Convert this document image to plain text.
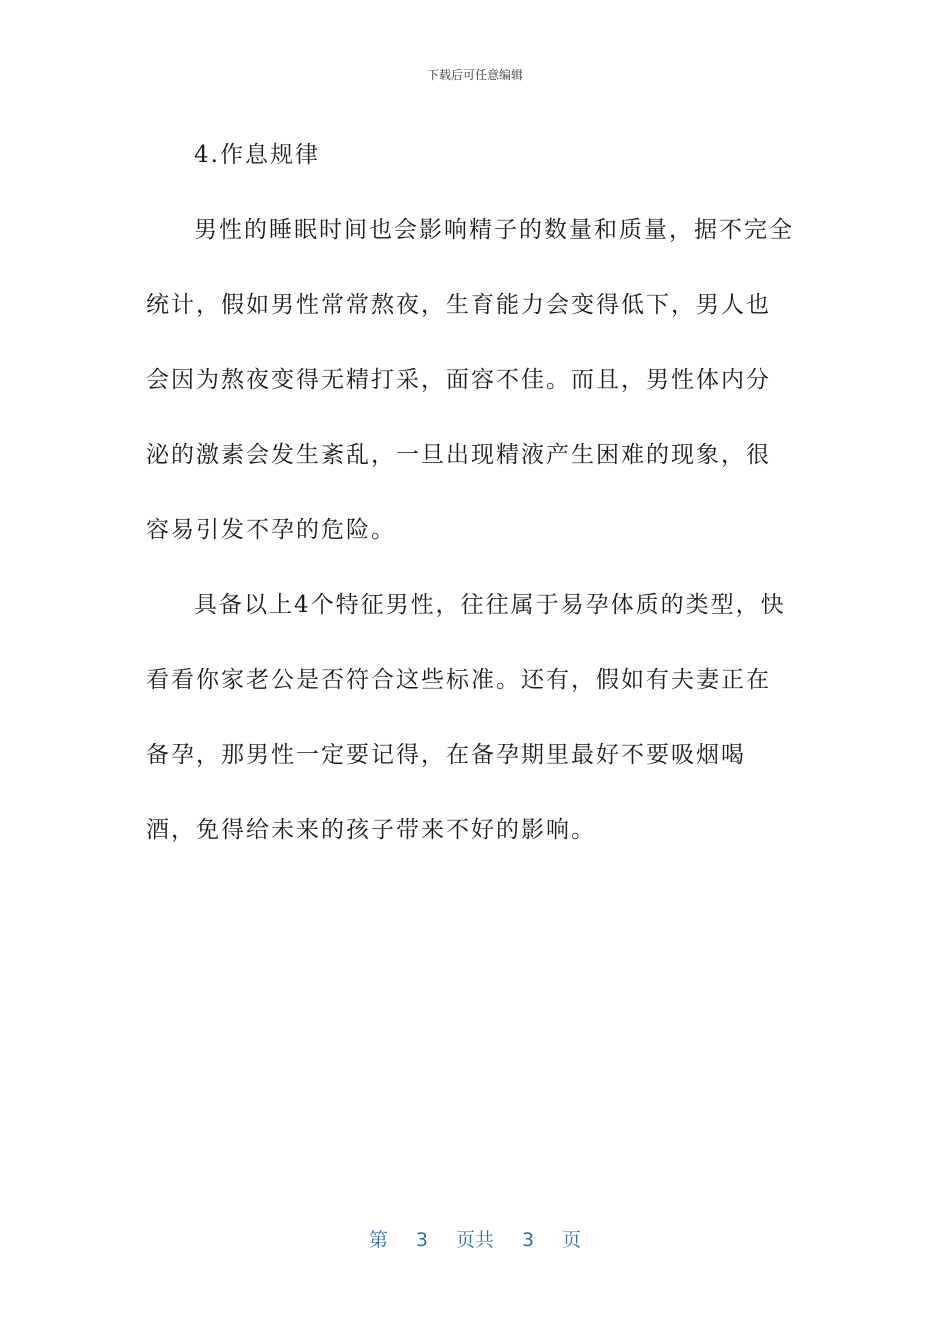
下载后可任意编辑

4.作息规律

男性的睡眠时间也会影响精子的数量和质量，据不完全统计，假如男性常常熬夜，生育能力会变得低下，男人也会因为熬夜变得无精打采，面容不佳。而且，男性体内分泌的激素会发生紊乱，一旦出现精液产生困难的现象，很容易引发不孕的危险。

具备以上4个特征男性，往往属于易孕体质的类型，快看看你家老公是否符合这些标准。还有，假如有夫妻正在备孕，那男性一定要记得，在备孕期里最好不要吸烟喝酒，免得给未来的孩子带来不好的影响。

第 3 页共 3 页
